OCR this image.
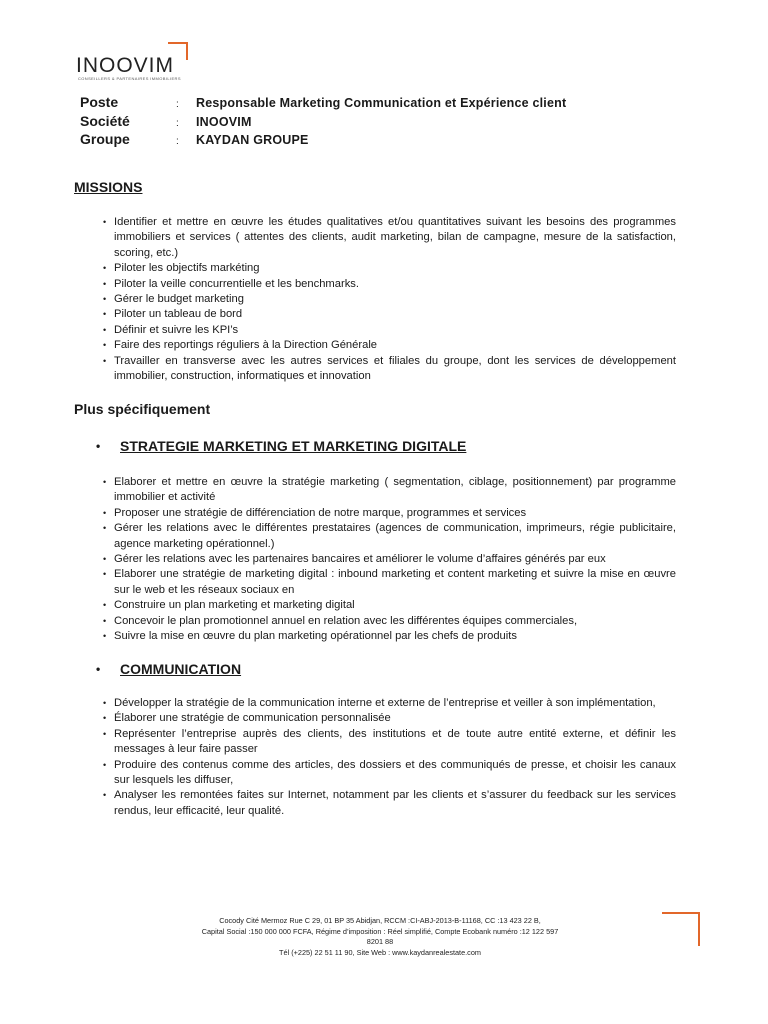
INOOVIM
CONSEILLERS & PARTENAIRES IMMOBILIERS
Poste	:	Responsable Marketing Communication et Expérience client
Société	:	INOOVIM
Groupe	:	KAYDAN GROUPE
MISSIONS
• Identifier et mettre en œuvre les études qualitatives et/ou quantitatives suivant les besoins des programmes immobiliers et services ( attentes des clients, audit marketing, bilan de campagne, mesure de la satisfaction, scoring, etc.)
• Piloter les objectifs markéting
• Piloter la veille concurrentielle et les benchmarks.
• Gérer le budget marketing
• Piloter un tableau de bord
• Définir et suivre les KPI’s
• Faire des reportings réguliers à la Direction Générale
• Travailler en transverse avec les autres services et filiales du groupe, dont les services de développement immobilier, construction, informatiques et innovation
Plus spécifiquement
•	STRATEGIE MARKETING ET MARKETING DIGITALE
• Elaborer et mettre en œuvre la stratégie marketing ( segmentation, ciblage, positionnement) par programme immobilier et activité
• Proposer une stratégie de différenciation de notre marque, programmes et services
• Gérer les relations avec le différentes prestataires (agences de communication, imprimeurs, régie publicitaire, agence marketing opérationnel.)
• Gérer les relations avec les partenaires bancaires et améliorer le volume d’affaires générés par eux
• Elaborer une stratégie de marketing digital : inbound marketing et content marketing et suivre la mise en œuvre sur le web et les réseaux sociaux en
• Construire un plan marketing et marketing digital
• Concevoir le plan promotionnel annuel en relation avec les différentes équipes commerciales,
• Suivre la mise en œuvre du plan marketing opérationnel par les chefs de produits
•	COMMUNICATION
• Développer la stratégie de la communication interne et externe de l’entreprise et veiller à son implémentation,
• Élaborer une stratégie de communication personnalisée
• Représenter l’entreprise auprès des clients, des institutions et de toute autre entité externe, et définir les messages à leur faire passer
• Produire des contenus comme des articles, des dossiers et des communiqués de presse, et choisir les canaux sur lesquels les diffuser,
• Analyser les remontées faites sur Internet, notamment par les clients et s’assurer du feedback sur les services rendus, leur efficacité, leur qualité.
Cocody Cité Mermoz Rue C 29, 01 BP 35 Abidjan, RCCM :CI-ABJ-2013-B-11168, CC :13 423 22 B,
Capital Social :150 000 000 FCFA, Régime d’imposition : Réel simplifié, Compte Ecobank numéro :12 122 597
8201 88
Tél (+225) 22 51 11 90, Site Web : www.kaydanrealestate.com
